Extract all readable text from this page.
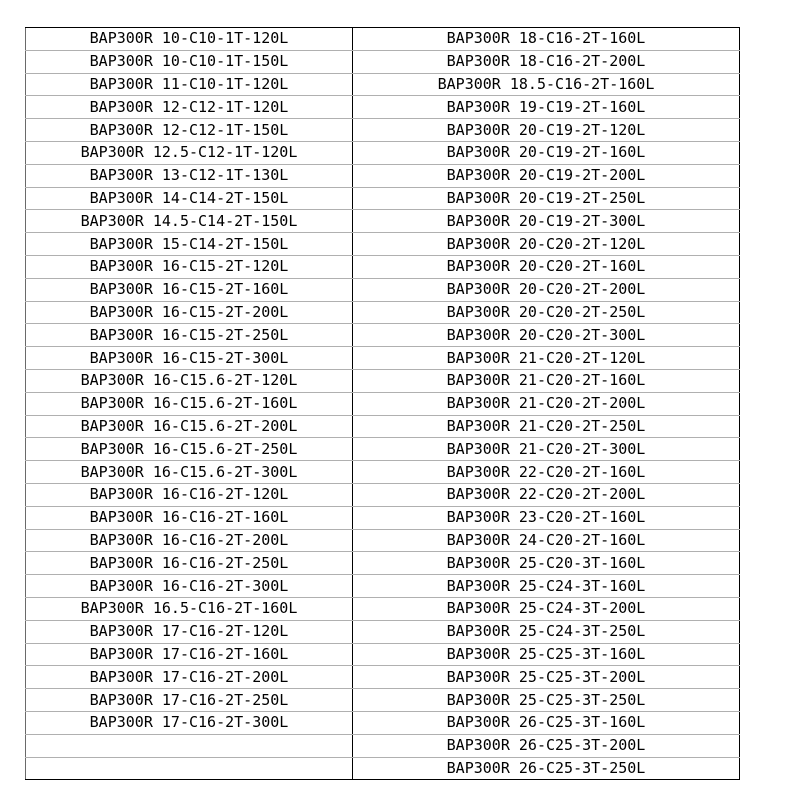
BAP300R 10-C10-1T-120L	BAP300R 18-C16-2T-160L
BAP300R 10-C10-1T-150L	BAP300R 18-C16-2T-200L
BAP300R 11-C10-1T-120L	BAP300R 18.5-C16-2T-160L
BAP300R 12-C12-1T-120L	BAP300R 19-C19-2T-160L
BAP300R 12-C12-1T-150L	BAP300R 20-C19-2T-120L
BAP300R 12.5-C12-1T-120L	BAP300R 20-C19-2T-160L
BAP300R 13-C12-1T-130L	BAP300R 20-C19-2T-200L
BAP300R 14-C14-2T-150L	BAP300R 20-C19-2T-250L
BAP300R 14.5-C14-2T-150L	BAP300R 20-C19-2T-300L
BAP300R 15-C14-2T-150L	BAP300R 20-C20-2T-120L
BAP300R 16-C15-2T-120L	BAP300R 20-C20-2T-160L
BAP300R 16-C15-2T-160L	BAP300R 20-C20-2T-200L
BAP300R 16-C15-2T-200L	BAP300R 20-C20-2T-250L
BAP300R 16-C15-2T-250L	BAP300R 20-C20-2T-300L
BAP300R 16-C15-2T-300L	BAP300R 21-C20-2T-120L
BAP300R 16-C15.6-2T-120L	BAP300R 21-C20-2T-160L
BAP300R 16-C15.6-2T-160L	BAP300R 21-C20-2T-200L
BAP300R 16-C15.6-2T-200L	BAP300R 21-C20-2T-250L
BAP300R 16-C15.6-2T-250L	BAP300R 21-C20-2T-300L
BAP300R 16-C15.6-2T-300L	BAP300R 22-C20-2T-160L
BAP300R 16-C16-2T-120L	BAP300R 22-C20-2T-200L
BAP300R 16-C16-2T-160L	BAP300R 23-C20-2T-160L
BAP300R 16-C16-2T-200L	BAP300R 24-C20-2T-160L
BAP300R 16-C16-2T-250L	BAP300R 25-C20-3T-160L
BAP300R 16-C16-2T-300L	BAP300R 25-C24-3T-160L
BAP300R 16.5-C16-2T-160L	BAP300R 25-C24-3T-200L
BAP300R 17-C16-2T-120L	BAP300R 25-C24-3T-250L
BAP300R 17-C16-2T-160L	BAP300R 25-C25-3T-160L
BAP300R 17-C16-2T-200L	BAP300R 25-C25-3T-200L
BAP300R 17-C16-2T-250L	BAP300R 25-C25-3T-250L
BAP300R 17-C16-2T-300L	BAP300R 26-C25-3T-160L
	BAP300R 26-C25-3T-200L
	BAP300R 26-C25-3T-250L
